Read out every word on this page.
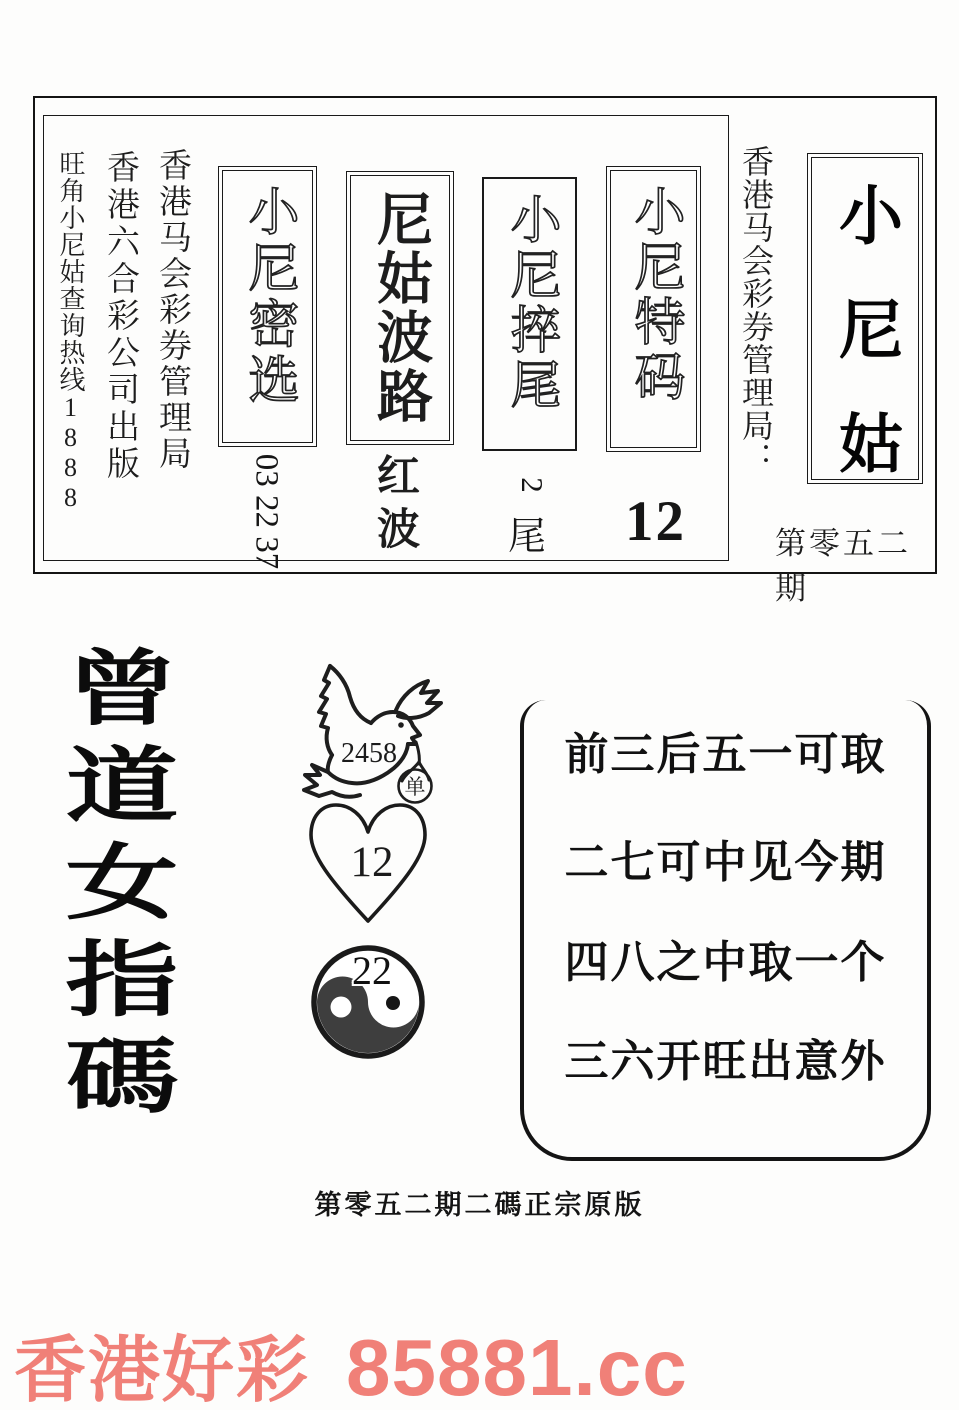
旺角小尼姑查询热线1888 香港六合彩公司出版 香港马会彩券管理局 小尼密选
03 22 37
尼姑波路
红波
小尼捽尾
2
尾
小尼特码
12
香港马会彩券管理局： 小尼姑
第零五二期
曾
道
女
指
碼
2458
单
12
22
前三后五一可取
二七可中见今期
四八之中取一个
三六开旺出意外
第零五二期二碼正宗原版
香港好彩 85881.cc
